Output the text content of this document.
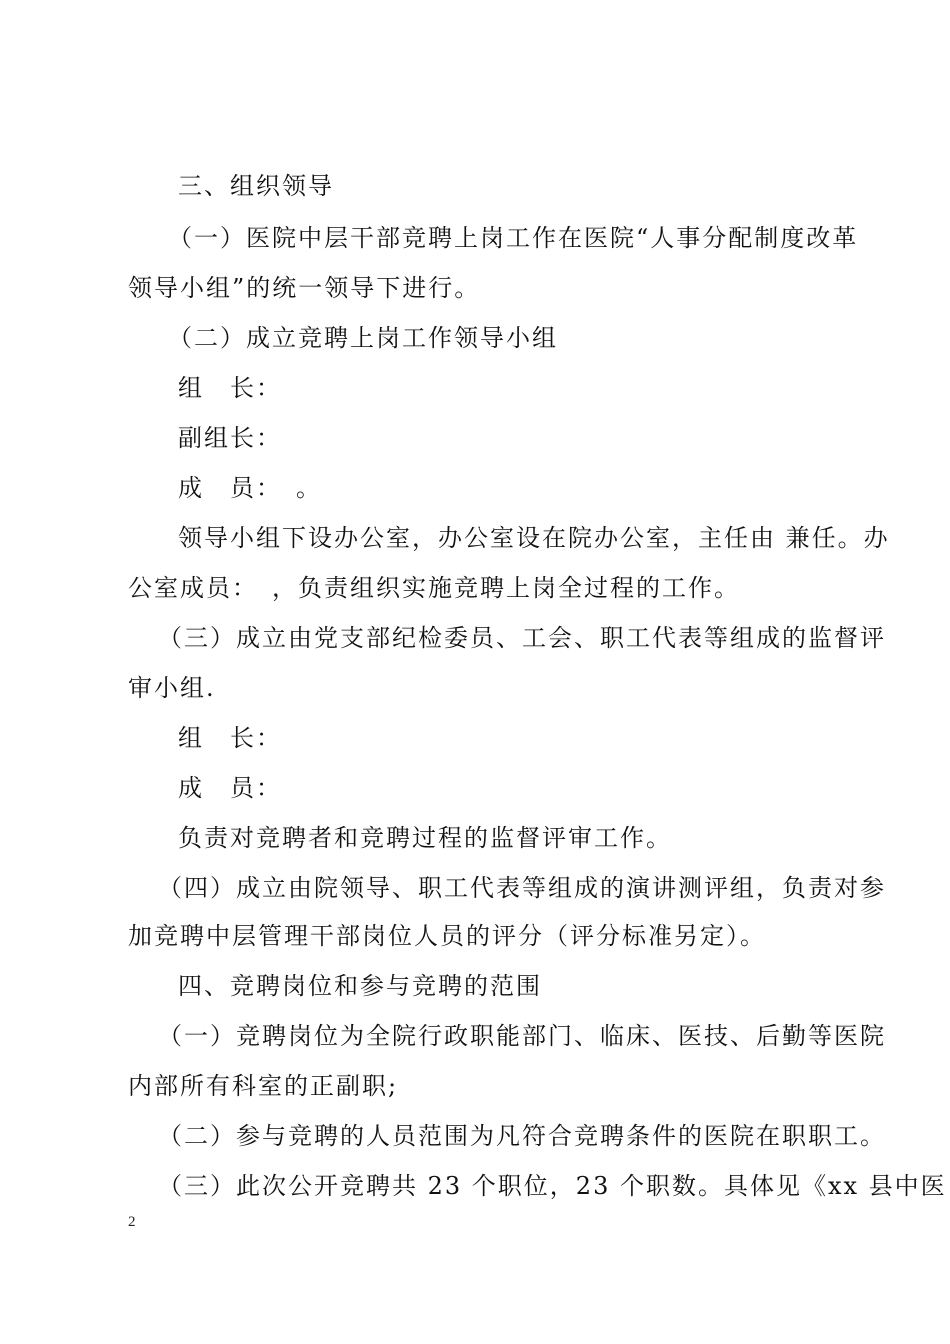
三、组织领导
（一）医院中层干部竞聘上岗工作在医院“人事分配制度改革
领导小组”的统一领导下进行。
（二）成立竞聘上岗工作领导小组
组　长：
副组长：
成　员：　。
领导小组下设办公室，办公室设在院办公室，主任由 兼任。办
公室成员：　，负责组织实施竞聘上岗全过程的工作。
（三）成立由党支部纪检委员、工会、职工代表等组成的监督评
审小组.
组　长：
成　员：
负责对竞聘者和竞聘过程的监督评审工作。
（四）成立由院领导、职工代表等组成的演讲测评组，负责对参
加竞聘中层管理干部岗位人员的评分（评分标准另定）。
四、竞聘岗位和参与竞聘的范围
（一）竞聘岗位为全院行政职能部门、临床、医技、后勤等医院
内部所有科室的正副职;
（二）参与竞聘的人员范围为凡符合竞聘条件的医院在职职工。
（三）此次公开竞聘共 23 个职位，23 个职数。具体见《xx 县中医
2
